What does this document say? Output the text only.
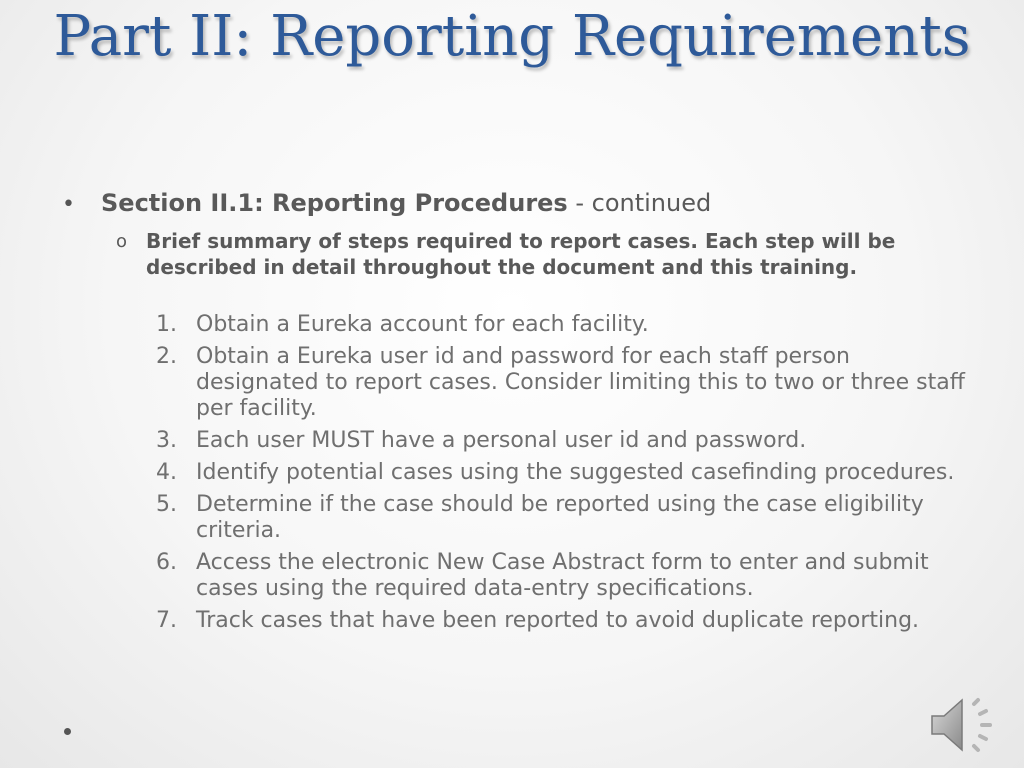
Part II: Reporting Requirements
• Section II.1: Reporting Procedures - continued
o Brief summary of steps required to report cases. Each step will be described in detail throughout the document and this training.
1. Obtain a Eureka account for each facility.
2. Obtain a Eureka user id and password for each staff person designated to report cases. Consider limiting this to two or three staff per facility.
3. Each user MUST have a personal user id and password.
4. Identify potential cases using the suggested casefinding procedures.
5. Determine if the case should be reported using the case eligibility criteria.
6. Access the electronic New Case Abstract form to enter and submit cases using the required data-entry specifications.
7. Track cases that have been reported to avoid duplicate reporting.
